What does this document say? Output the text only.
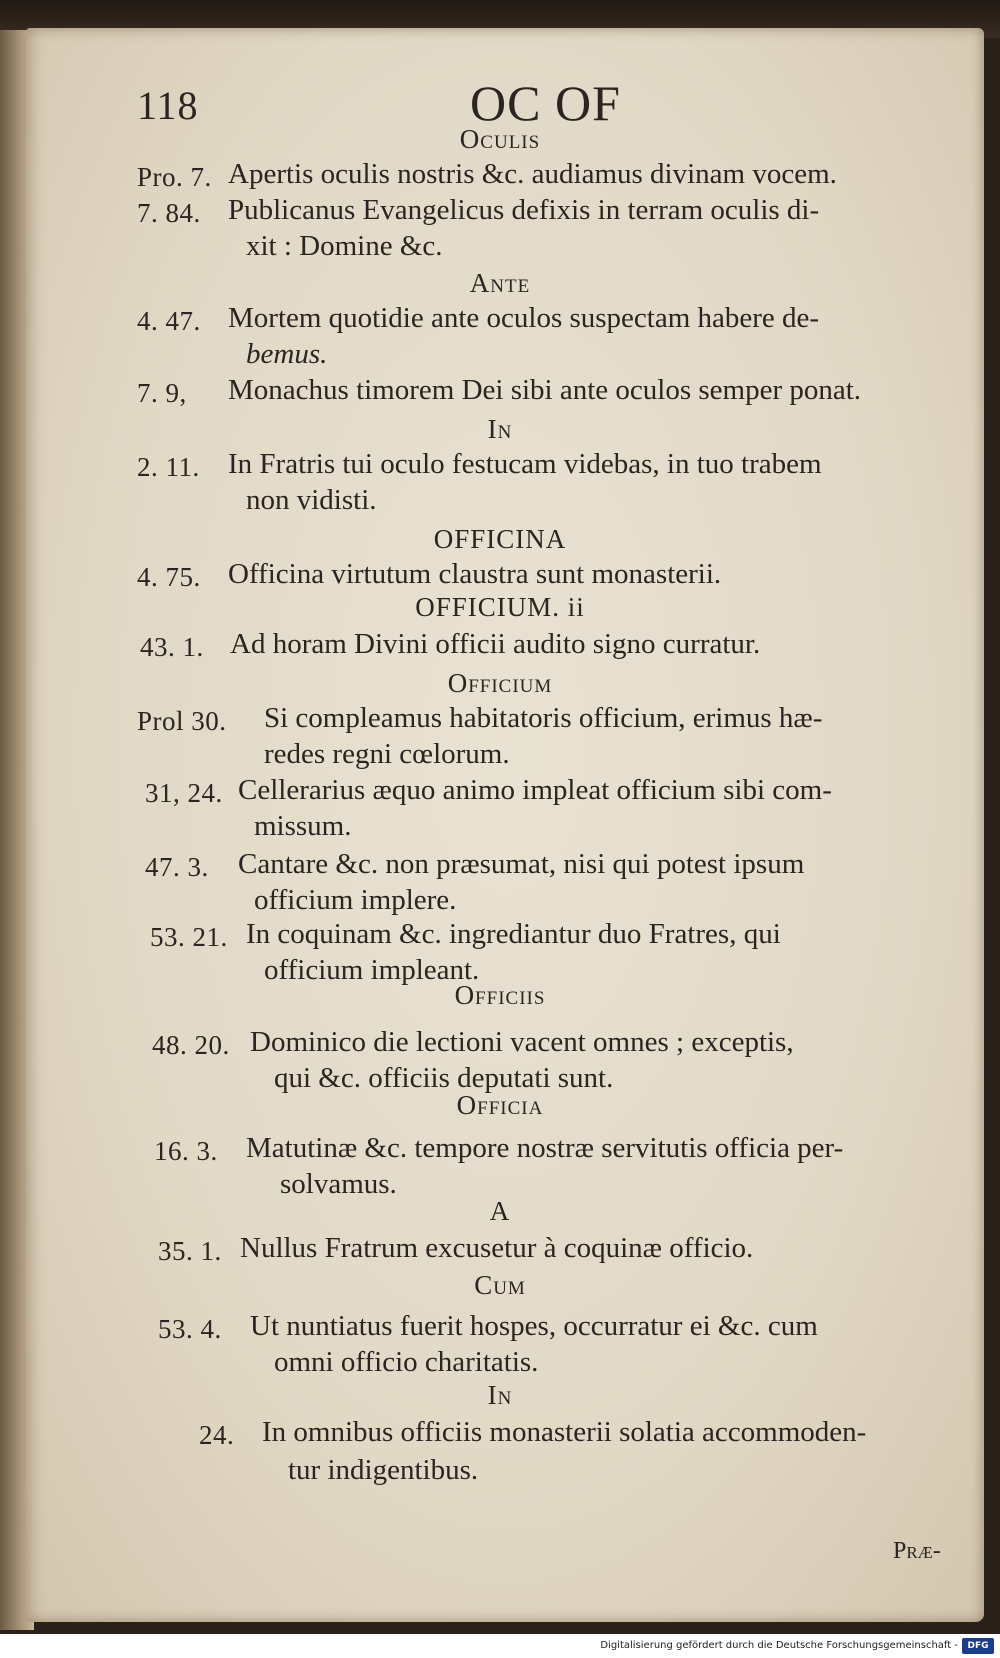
118	OC OF
Oculis
Ante
In
OFFICINA
OFFICIUM. ii
Officium
Officiis
Officia
A
Cum
In
Pro. 7.
7. 84.
4. 47.
7. 9,
2. 11.
4. 75.
43. 1.
Prol 30.
31, 24.
47. 3.
53. 21.
48. 20.
16. 3.
35. 1.
53. 4.
24.
Apertis oculis nostris &c. audiamus divinam vocem.
Publicanus Evangelicus defixis in terram oculis di-
xit : Domine &c.
Mortem quotidie ante oculos suspectam habere de-
bemus.
Monachus timorem Dei sibi ante oculos semper ponat.
In Fratris tui oculo festucam videbas, in tuo trabem
non vidisti.
Officina virtutum claustra sunt monasterii.
Ad horam Divini officii audito signo curratur.
Si compleamus habitatoris officium, erimus hæ-
redes regni cœlorum.
Cellerarius æquo animo impleat officium sibi com-
missum.
Cantare &c. non præsumat, nisi qui potest ipsum
officium implere.
In coquinam &c. ingrediantur duo Fratres, qui
officium impleant.
Dominico die lectioni vacent omnes ; exceptis,
qui &c. officiis deputati sunt.
Matutinæ &c. tempore nostræ servitutis officia per-
solvamus.
Nullus Fratrum excusetur à coquinæ officio.
Ut nuntiatus fuerit hospes, occurratur ei &c. cum
omni officio charitatis.
In omnibus officiis monasterii solatia accommoden-
tur indigentibus.
Præ-
Digitalisierung gefördert durch die Deutsche Forschungsgemeinschaft -	DFG
